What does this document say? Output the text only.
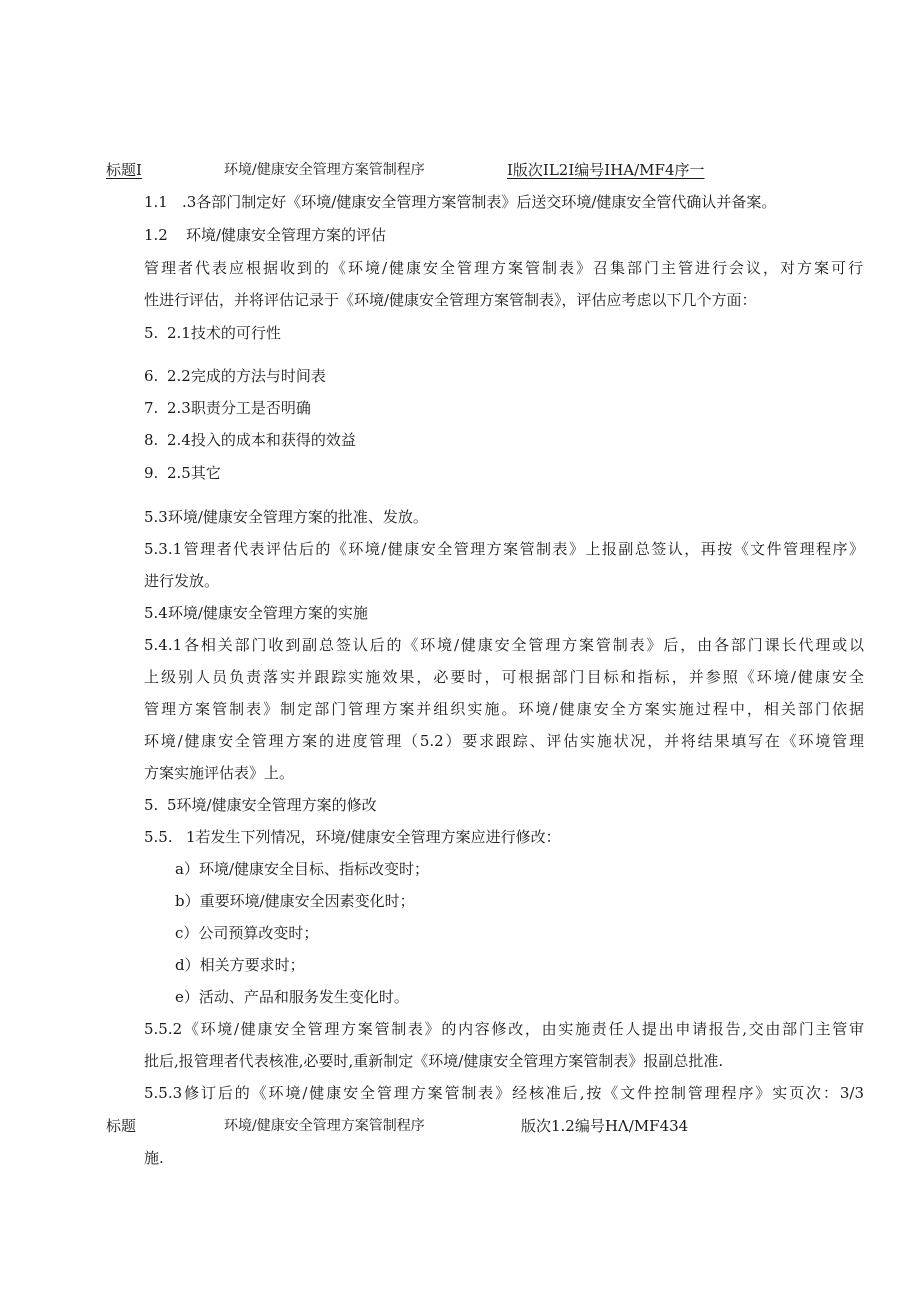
标题I	环境/健康安全管理方案管制程序	I版次IL2I编号IHA/MF4序一
1.1 .3各部门制定好《环境/健康安全管理方案管制表》后送交环境/健康安全管代确认并备案。
1.2 环境/健康安全管理方案的评估
管理者代表应根据收到的《环境/健康安全管理方案管制表》召集部门主管进行会议，对方案可行
性进行评估，并将评估记录于《环境/健康安全管理方案管制表》，评估应考虑以下几个方面：
5. 2.1技术的可行性
6. 2.2完成的方法与时间表
7. 2.3职责分工是否明确
8. 2.4投入的成本和获得的效益
9. 2.5其它
5.3环境/健康安全管理方案的批准、发放。
5.3.1管理者代表评估后的《环境/健康安全管理方案管制表》上报副总签认，再按《文件管理程序》
进行发放。
5.4环境/健康安全管理方案的实施
5.4.1各相关部门收到副总签认后的《环境/健康安全管理方案管制表》后，由各部门课长代理或以
上级别人员负责落实并跟踪实施效果，必要时，可根据部门目标和指标，并参照《环境/健康安全
管理方案管制表》制定部门管理方案并组织实施。环境/健康安全方案实施过程中，相关部门依据
环境/健康安全管理方案的进度管理（5.2）要求跟踪、评估实施状况，并将结果填写在《环境管理
方案实施评估表》上。
5. 5环境/健康安全管理方案的修改
5.5. 1若发生下列情况，环境/健康安全管理方案应进行修改：
a）环境/健康安全目标、指标改变时；
b）重要环境/健康安全因素变化时；
c）公司预算改变时；
d）相关方要求时；
e）活动、产品和服务发生变化时。
5.5.2《环境/健康安全管理方案管制表》的内容修改，由实施责任人提出申请报告,交由部门主管审
批后,报管理者代表核准,必要时,重新制定《环境/健康安全管理方案管制表》报副总批准.
5.5.3修订后的《环境/健康安全管理方案管制表》经核准后,按《文件控制管理程序》实页次：3/3
标题	环境/健康安全管理方案管制程序	版次1.2编号HΛ∕MF434
施.
